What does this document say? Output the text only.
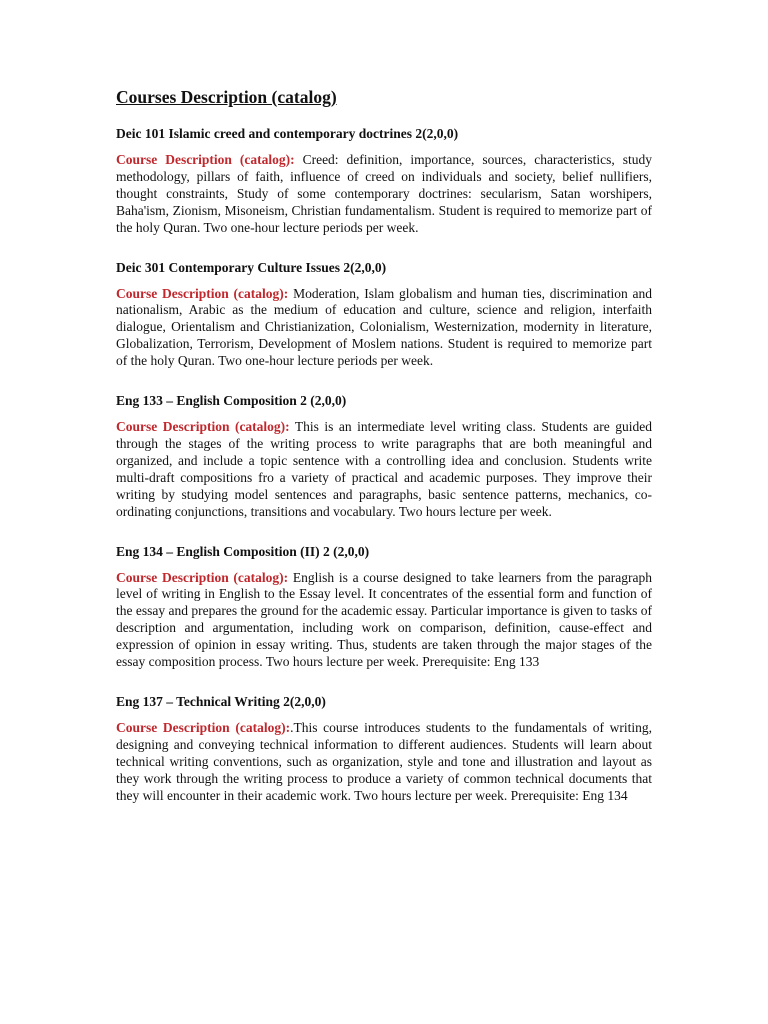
Courses Description (catalog)
Deic 101 Islamic creed and contemporary doctrines 2(2,0,0)

Course Description (catalog): Creed: definition, importance, sources, characteristics, study methodology, pillars of faith, influence of creed on individuals and society, belief nullifiers, thought constraints, Study of some contemporary doctrines: secularism, Satan worshipers, Baha'ism, Zionism, Misoneism, Christian fundamentalism. Student is required to memorize part of the holy Quran. Two one-hour lecture periods per week.

Deic 301 Contemporary Culture Issues 2(2,0,0)

Course Description (catalog): Moderation, Islam globalism and human ties, discrimination and nationalism, Arabic as the medium of education and culture, science and religion, interfaith dialogue, Orientalism and Christianization, Colonialism, Westernization, modernity in literature, Globalization, Terrorism, Development of Moslem nations. Student is required to memorize part of the holy Quran. Two one-hour lecture periods per week.

Eng 133 – English Composition 2 (2,0,0)

Course Description (catalog): This is an intermediate level writing class. Students are guided through the stages of the writing process to write paragraphs that are both meaningful and organized, and include a topic sentence with a controlling idea and conclusion. Students write multi-draft compositions fro a variety of practical and academic purposes. They improve their writing by studying model sentences and paragraphs, basic sentence patterns, mechanics, co-ordinating conjunctions, transitions and vocabulary. Two hours lecture per week.

Eng 134 – English Composition (II) 2 (2,0,0)

Course Description (catalog): English is a course designed to take learners from the paragraph level of writing in English to the Essay level. It concentrates of the essential form and function of the essay and prepares the ground for the academic essay. Particular importance is given to tasks of description and argumentation, including work on comparison, definition, cause-effect and expression of opinion in essay writing. Thus, students are taken through the major stages of the essay composition process. Two hours lecture per week. Prerequisite: Eng 133

Eng 137 – Technical Writing 2(2,0,0)

Course Description (catalog):.This course introduces students to the fundamentals of writing, designing and conveying technical information to different audiences. Students will learn about technical writing conventions, such as organization, style and tone and illustration and layout as they work through the writing process to produce a variety of common technical documents that they will encounter in their academic work. Two hours lecture per week. Prerequisite: Eng 134
